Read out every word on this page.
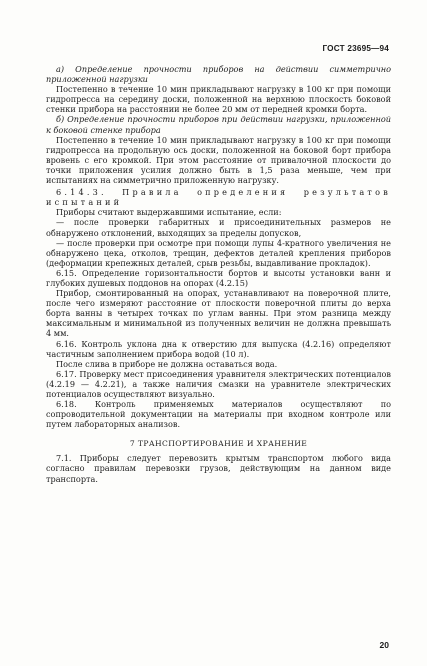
ГОСТ 23695—94

а) Определение прочности приборов на действии симметрично приложенной нагрузки

Постепенно в течение 10 мин прикладывают нагрузку в 100 кг при помощи гидропресса на середину доски, положенной на верхнюю плоскость боковой стенки прибора на расстоянии не более 20 мм от передней кромки борта.

б) Определение прочности приборов при действии нагрузки, приложенной к боковой стенке прибора

Постепенно в течение 10 мин прикладывают нагрузку в 100 кг при помощи гидропресса на продольную ось доски, положенной на боковой борт прибора вровень с его кромкой. При этом расстояние от привалочной плоскости до точки приложения усилия должно быть в 1,5 раза меньше, чем при испытаниях на симметрично приложенную нагрузку.

6.14.3. Правила определения результатов испытаний

Приборы считают выдержавшими испытание, если:

— после проверки габаритных и присоединительных размеров не обнаружено отклонений, выходящих за пределы допусков,

— после проверки при осмотре при помощи лупы 4-кратного увеличения не обнаружено цека, отколов, трещин, дефектов деталей крепления приборов (деформации крепежных деталей, срыв резьбы, выдавливание прокладок).

6.15. Определение горизонтальности бортов и высоты установки ванн и глубоких душевых поддонов на опорах (4.2.15)

Прибор, смонтированный на опорах, устанавливают на поверочной плите, после чего измеряют расстояние от плоскости поверочной плиты до верха борта ванны в четырех точках по углам ванны. При этом разница между максимальным и минимальной из полученных величин не должна превышать 4 мм.

6.16. Контроль уклона дна к отверстию для выпуска (4.2.16) определяют частичным заполнением прибора водой (10 л).

После слива в приборе не должна оставаться вода.

6.17. Проверку мест присоединения уравнителя электрических потенциалов (4.2.19 — 4.2.21), а также наличия смазки на уравнителе электрических потенциалов осуществляют визуально.

6.18. Контроль применяемых материалов осуществляют по сопроводительной документации на материалы при входном контроле или путем лабораторных анализов.

7 ТРАНСПОРТИРОВАНИЕ И ХРАНЕНИЕ

7.1. Приборы следует перевозить крытым транспортом любого вида согласно правилам перевозки грузов, действующим на данном виде транспорта.

20
